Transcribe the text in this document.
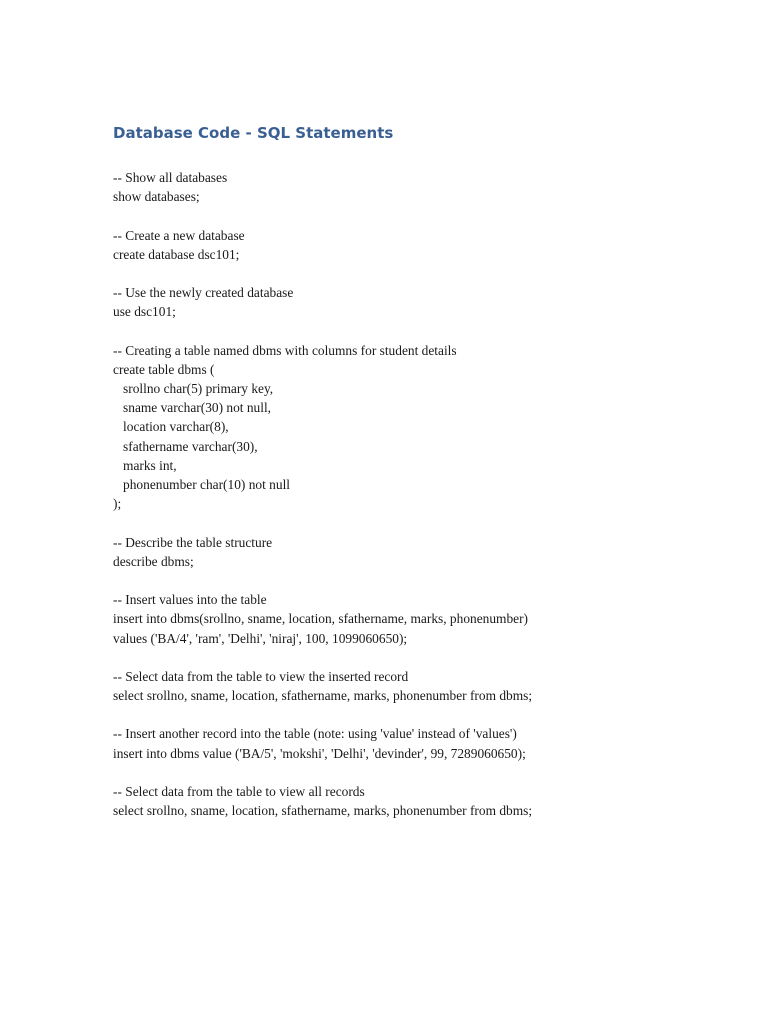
Database Code - SQL Statements
-- Show all databases
show databases;
-- Create a new database
create database dsc101;
-- Use the newly created database
use dsc101;
-- Creating a table named dbms with columns for student details
create table dbms (
srollno char(5) primary key,
sname varchar(30) not null,
location varchar(8),
sfathername varchar(30),
marks int,
phonenumber char(10) not null
);
-- Describe the table structure
describe dbms;
-- Insert values into the table
insert into dbms(srollno, sname, location, sfathername, marks, phonenumber)
values ('BA/4', 'ram', 'Delhi', 'niraj', 100, 1099060650);
-- Select data from the table to view the inserted record
select srollno, sname, location, sfathername, marks, phonenumber from dbms;
-- Insert another record into the table (note: using 'value' instead of 'values')
insert into dbms value ('BA/5', 'mokshi', 'Delhi', 'devinder', 99, 7289060650);
-- Select data from the table to view all records
select srollno, sname, location, sfathername, marks, phonenumber from dbms;
